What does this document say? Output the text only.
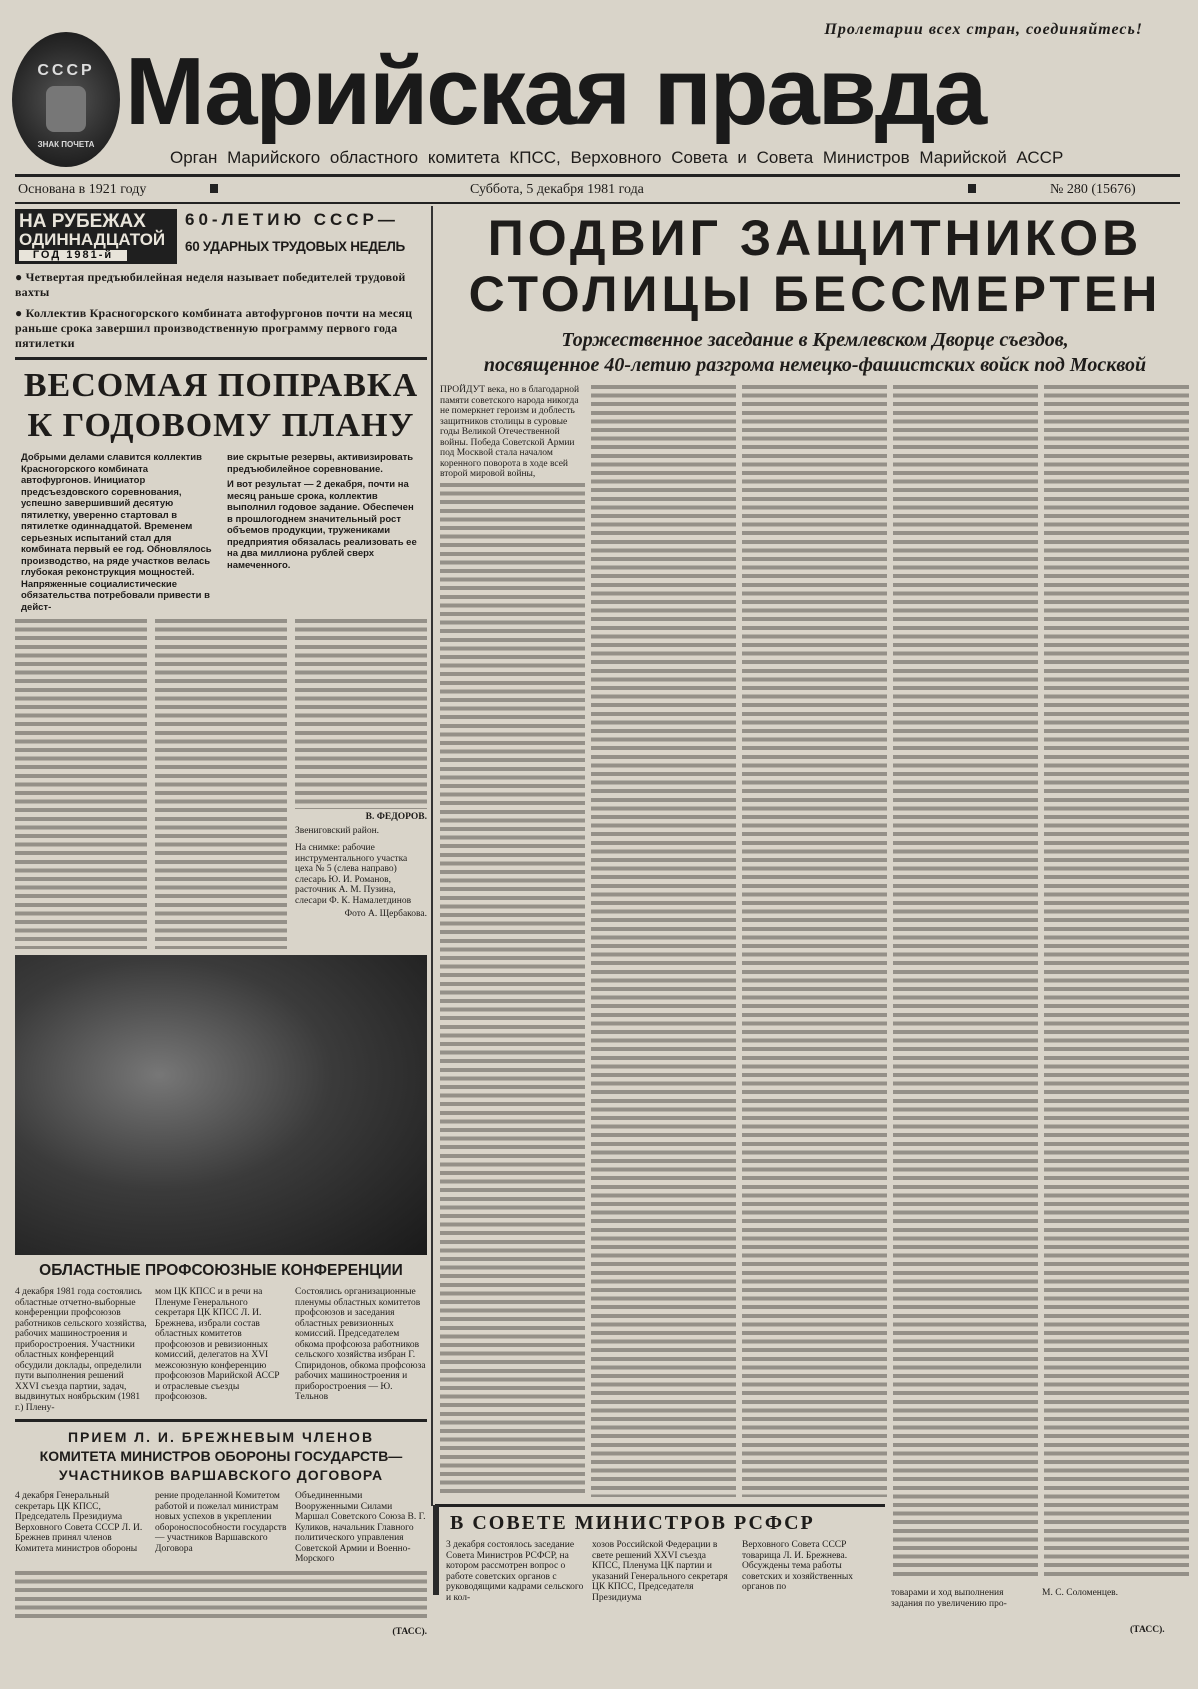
СССР
ЗНАК ПОЧЕТА
Пролетарии всех стран, соединяйтесь!
Марийская правда
Орган Марийского областного комитета КПСС, Верховного Совета и Совета Министров Марийской АССР
Основана в 1921 году	Суббота, 5 декабря 1981 года	№ 280 (15676)
НА РУБЕЖАХ
ОДИННАДЦАТОЙ
ГОД 1981-й
60-ЛЕТИЮ СССР—
60 УДАРНЫХ ТРУДОВЫХ НЕДЕЛЬ
● Четвертая предъюбилейная неделя называет победителей трудовой вахты
● Коллектив Красногорского комбината автофургонов почти на месяц раньше срока завершил производственную программу первого года пятилетки
ВЕСОМАЯ ПОПРАВКА
К ГОДОВОМУ ПЛАНУ
Добрыми делами славится коллектив Красногорского комбината автофургонов. Инициатор предсъездовского соревнования, успешно завершивший десятую пятилетку, уверенно стартовал в пятилетке одиннадцатой. Временем серьезных испытаний стал для комбината первый ее год. Обновлялось производство, на ряде участков велась глубокая реконструкция мощностей. Напряженные социалистические обязательства потребовали привести в дейст-
вие скрытые резервы, активизировать предъюбилейное соревнование.
И вот результат — 2 декабря, почти на месяц раньше срока, коллектив выполнил годовое задание. Обеспечен в прошлогоднем значительный рост объемов продукции, тружениками предприятия обязалась реализовать ее на два миллиона рублей сверх намеченного.
В. ФЕДОРОВ.
Звениговский район.
На снимке: рабочие инструментального участка цеха № 5 (слева направо) слесарь Ю. И. Романов, расточник А. М. Пузина, слесари Ф. К. Намалетдинов
Фото А. Щербакова.
ОБЛАСТНЫЕ ПРОФСОЮЗНЫЕ КОНФЕРЕНЦИИ
4 декабря 1981 года состоялись областные отчетно-выборные конференции профсоюзов работников сельского хозяйства, рабочих машиностроения и приборостроения. Участники областных конференций обсудили доклады, определили пути выполнения решений XXVI съезда партии, задач, выдвинутых ноябрьским (1981 г.) Плену-
мом ЦК КПСС и в речи на Пленуме Генерального секретаря ЦК КПСС Л. И. Брежнева, избрали состав областных комитетов профсоюзов и ревизионных комиссий, делегатов на XVI межсоюзную конференцию профсоюзов Марийской АССР и отраслевые съезды профсоюзов.
Состоялись организационные пленумы областных комитетов профсоюзов и заседания областных ревизионных комиссий. Председателем обкома профсоюза работников сельского хозяйства избран Г. Спиридонов, обкома профсоюза рабочих машиностроения и приборостроения — Ю. Тельнов
ПРИЕМ Л. И. БРЕЖНЕВЫМ ЧЛЕНОВ
КОМИТЕТА МИНИСТРОВ ОБОРОНЫ ГОСУДАРСТВ—
УЧАСТНИКОВ ВАРШАВСКОГО ДОГОВОРА
4 декабря Генеральный секретарь ЦК КПСС, Председатель Президиума Верховного Совета СССР Л. И. Брежнев принял членов Комитета министров обороны
рение проделанной Комитетом работой и пожелал министрам новых успехов в укреплении обороноспособности государств — участников Варшавского Договора
Объединенными Вооруженными Силами Маршал Советского Союза В. Г. Куликов, начальник Главного политического управления Советской Армии и Военно-Морского
(ТАСС).
ПОДВИГ ЗАЩИТНИКОВ
СТОЛИЦЫ БЕССМЕРТЕН
Торжественное заседание в Кремлевском Дворце съездов,
посвященное 40-летию разгрома немецко-фашистских войск под Москвой
ПРОЙДУТ века, но в благодарной памяти советского народа никогда не померкнет героизм и доблесть защитников столицы в суровые годы Великой Отечественной войны. Победа Советской Армии под Москвой стала началом коренного поворота в ходе всей второй мировой войны,
В СОВЕТЕ МИНИСТРОВ РСФСР
3 декабря состоялось заседание Совета Министров РСФСР, на котором рассмотрен вопрос о работе советских органов с руководящими кадрами сельского и кол-
хозов Российской Федерации в свете решений XXVI съезда КПСС, Пленума ЦК партии и указаний Генерального секретаря ЦК КПСС, Председателя Президиума
Верховного Совета СССР товарища Л. И. Брежнева. Обсуждены тема работы советских и хозяйственных органов по
товарами и ход выполнения задания по увеличению про-
М. С. Соломенцев.
(ТАСС).
